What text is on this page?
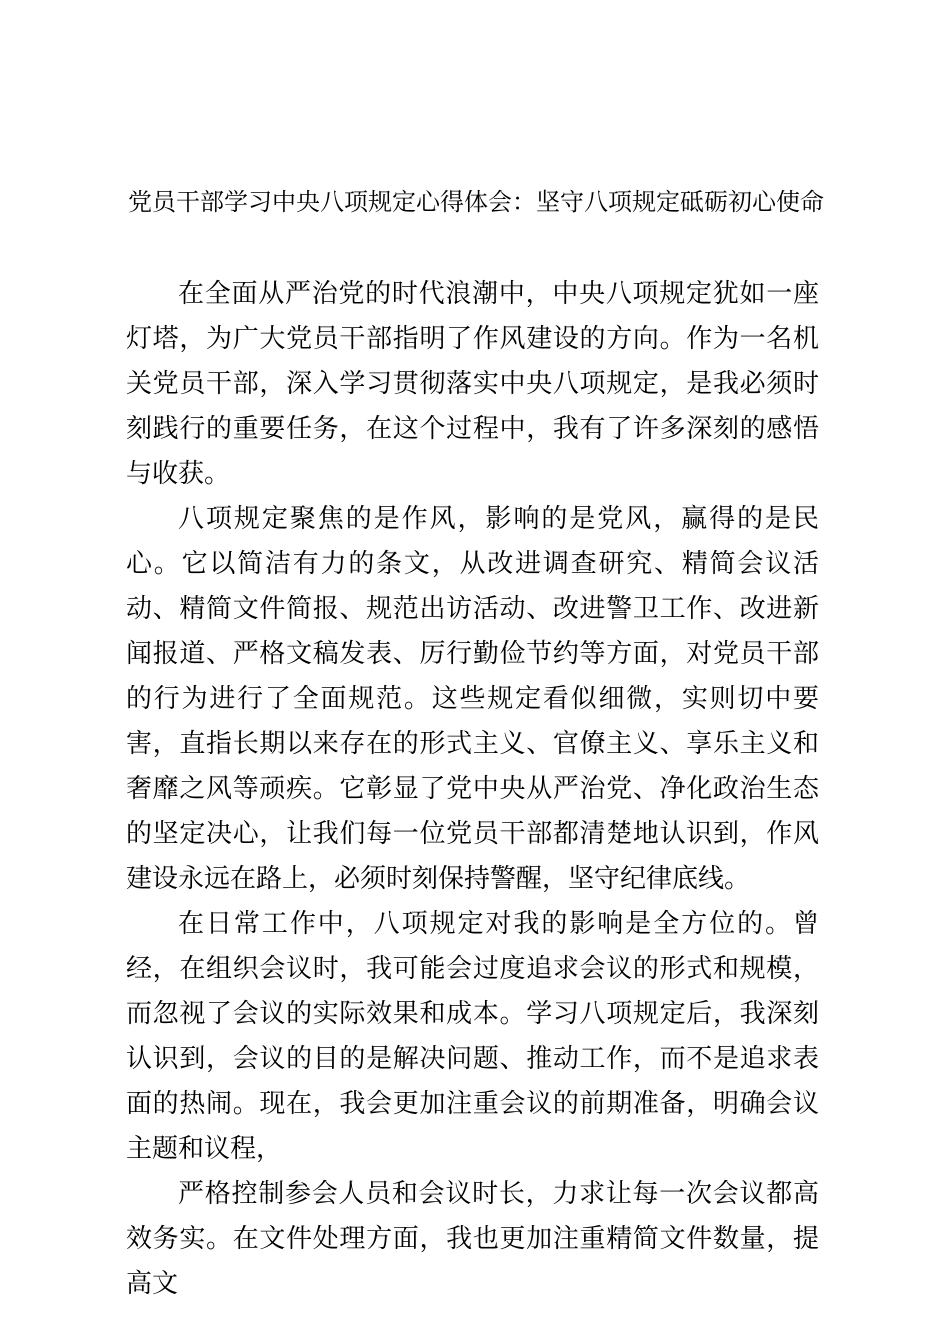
党员干部学习中央八项规定心得体会：坚守八项规定砥砺初心使命

在全面从严治党的时代浪潮中，中央八项规定犹如一座灯塔，为广大党员干部指明了作风建设的方向。作为一名机关党员干部，深入学习贯彻落实中央八项规定，是我必须时刻践行的重要任务，在这个过程中，我有了许多深刻的感悟与收获。

八项规定聚焦的是作风，影响的是党风，赢得的是民心。它以简洁有力的条文，从改进调查研究、精简会议活动、精简文件简报、规范出访活动、改进警卫工作、改进新闻报道、严格文稿发表、厉行勤俭节约等方面，对党员干部的行为进行了全面规范。这些规定看似细微，实则切中要害，直指长期以来存在的形式主义、官僚主义、享乐主义和奢靡之风等顽疾。它彰显了党中央从严治党、净化政治生态的坚定决心，让我们每一位党员干部都清楚地认识到，作风建设永远在路上，必须时刻保持警醒，坚守纪律底线。

在日常工作中，八项规定对我的影响是全方位的。曾经，在组织会议时，我可能会过度追求会议的形式和规模，而忽视了会议的实际效果和成本。学习八项规定后，我深刻认识到，会议的目的是解决问题、推动工作，而不是追求表面的热闹。现在，我会更加注重会议的前期准备，明确会议主题和议程，

严格控制参会人员和会议时长，力求让每一次会议都高效务实。在文件处理方面，我也更加注重精简文件数量，提高文
